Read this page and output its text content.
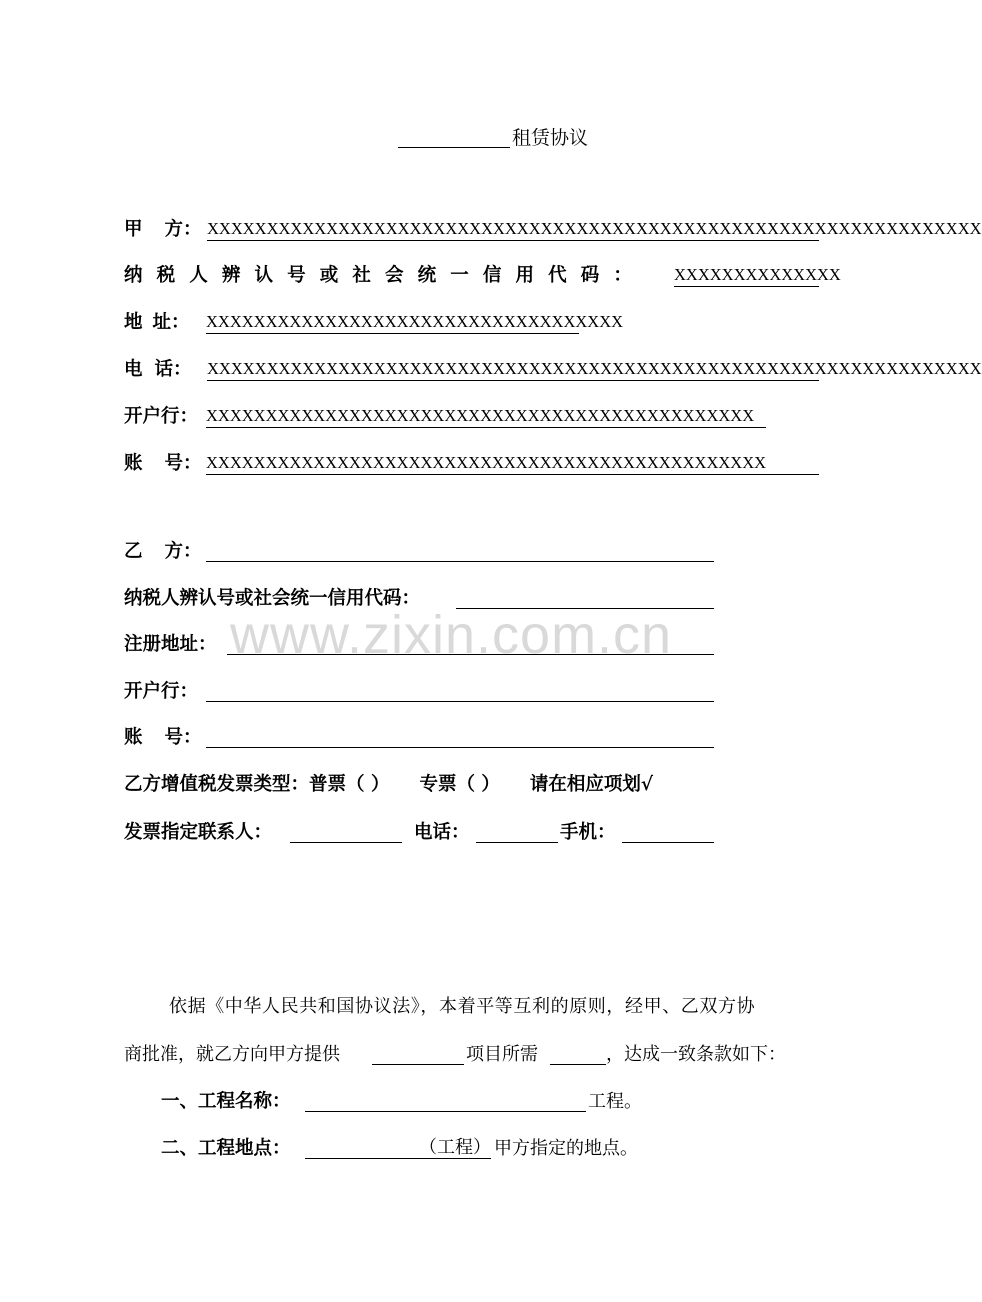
租赁协议
www.zixin.com.cn
甲 方： XXXXXXXXXXXXXXXXXXXXXXXXXXXXXXXXXXXXXXXXXXXXXXXXXXXXXXXXXXXXXXXXX
纳 税 人 辨 认 号 或 社 会 统 一 信 用 代 码 ：	XXXXXXXXXXXXXX
地 址： XXXXXXXXXXXXXXXXXXXXXXXXXXXXXXXXXXX
电 话： XXXXXXXXXXXXXXXXXXXXXXXXXXXXXXXXXXXXXXXXXXXXXXXXXXXXXXXXXXXXXXXXX
开户行： XXXXXXXXXXXXXXXXXXXXXXXXXXXXXXXXXXXXXXXXXXXXXX
账 号： XXXXXXXXXXXXXXXXXXXXXXXXXXXXXXXXXXXXXXXXXXXXXXX
乙 方：
纳税人辨认号或社会统一信用代码：
注册地址：
开户行：
账 号：
乙方增值税发票类型：普票（ ） 专票（ ） 请在相应项划√
发票指定联系人：	电话：	手机：
依据《中华人民共和国协议法》，本着平等互利的原则，经甲、乙双方协
商批准，就乙方向甲方提供	项目所需	，达成一致条款如下：
一、工程名称：	工程。
二、工程地点：	（工程） 甲方指定的地点。
